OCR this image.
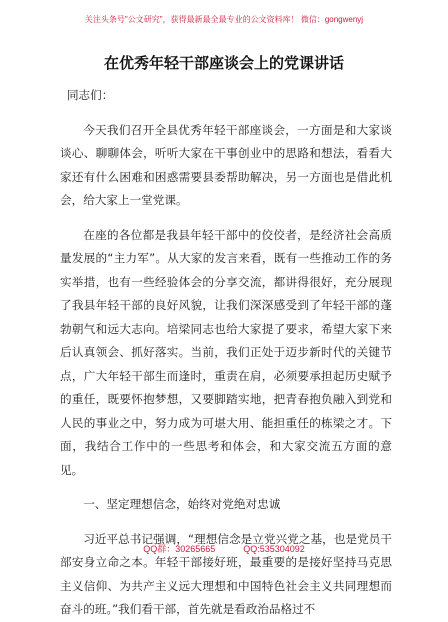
关注头条号"公文研究"，获得最新最全最专业的公文资料库！ 微信：gongwenyj
在优秀年轻干部座谈会上的党课讲话

同志们：

今天我们召开全县优秀年轻干部座谈会，一方面是和大家谈谈心、聊聊体会，听听大家在干事创业中的思路和想法，看看大家还有什么困难和困惑需要县委帮助解决，另一方面也是借此机会，给大家上一堂党课。

在座的各位都是我县年轻干部中的佼佼者，是经济社会高质量发展的“主力军”。从大家的发言来看，既有一些推动工作的务实举措，也有一些经验体会的分享交流，都讲得很好，充分展现了我县年轻干部的良好风貌，让我们深深感受到了年轻干部的蓬勃朝气和远大志向。培梁同志也给大家提了要求，希望大家下来后认真领会、抓好落实。当前，我们正处于迈步新时代的关键节点，广大年轻干部生而逢时，重责在肩，必须要承担起历史赋予的重任，既要怀抱梦想，又要脚踏实地，把青春抱负融入到党和人民的事业之中，努力成为可堪大用、能担重任的栋梁之才。下面，我结合工作中的一些思考和体会，和大家交流五方面的意见。

一、坚定理想信念，始终对党绝对忠诚

习近平总书记强调，“理想信念是立党兴党之基，也是党员干部安身立命之本。年轻干部接好班，最重要的是接好坚持马克思主义信仰、为共产主义远大理想和中国特色社会主义共同理想而奋斗的班。”我们看干部，首先就是看政治品格过不

QQ群：30265665	QQ:535304092
